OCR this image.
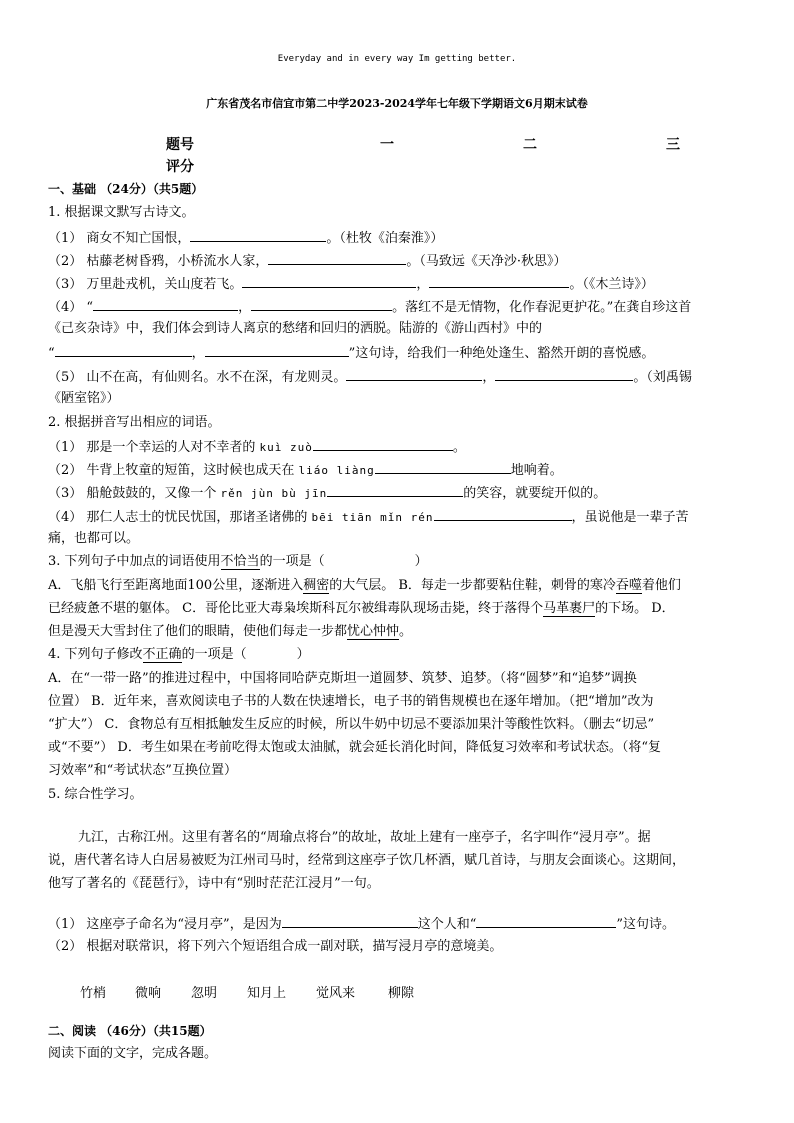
Everyday and in every way Im getting better.
广东省茂名市信宜市第二中学2023-2024学年七年级下学期语文6月期末试卷
题号	一	二	三
评分
一、基础 （24分）（共5题）
1. 根据课文默写古诗文。
（1） 商女不知亡国恨，	。（杜牧《泊秦淮》）
（2） 枯藤老树昏鸦，小桥流水人家，	。（马致远《天净沙·秋思》）
（3） 万里赴戎机，关山度若飞。	，	。（《木兰诗》）
（4） “	，	。落红不是无情物，化作春泥更护花。”在龚自珍这首
《己亥杂诗》中，我们体会到诗人离京的愁绪和回归的洒脱。陆游的《游山西村》中的
“	，	”这句诗，给我们一种绝处逢生、豁然开朗的喜悦感。
（5） 山不在高，有仙则名。水不在深，有龙则灵。	，	。（刘禹锡
《陋室铭》）
2. 根据拼音写出相应的词语。
（1） 那是一个幸运的人对不幸者的 kuì zuò	。
（2） 牛背上牧童的短笛，这时候也成天在 liáo liàng	地响着。
（3） 船舱鼓鼓的，又像一个 rěn jùn bù jīn	的笑容，就要绽开似的。
（4） 那仁人志士的忧民忧国，那诸圣诸佛的 bēi tiān mǐn rén	，虽说他是一辈子苦
痛，也都可以。
3. 下列句子中加点的词语使用不恰当的一项是（	）
A．飞船飞行至距离地面100公里，逐渐进入稠密的大气层。 B．每走一步都要粘住鞋，刺骨的寒冷吞噬着他们
已经疲惫不堪的躯体。 C．哥伦比亚大毒枭埃斯科瓦尔被缉毒队现场击毙，终于落得个马革裹尸的下场。 D．
但是漫天大雪封住了他们的眼睛，使他们每走一步都忧心忡忡。
4. 下列句子修改不正确的一项是（	）
A．在“一带一路”的推进过程中，中国将同哈萨克斯坦一道圆梦、筑梦、追梦。（将“圆梦”和“追梦”调换
位置） B．近年来，喜欢阅读电子书的人数在快速增长，电子书的销售规模也在逐年增加。（把“增加”改为
“扩大”） C．食物总有互相抵触发生反应的时候，所以牛奶中切忌不要添加果汁等酸性饮料。（删去“切忌”
或“不要”） D．考生如果在考前吃得太饱或太油腻，就会延长消化时间，降低复习效率和考试状态。（将“复
习效率”和“考试状态”互换位置）
5. 综合性学习。
九江，古称江州。这里有著名的“周瑜点将台”的故址，故址上建有一座亭子，名字叫作“浸月亭”。据
说，唐代著名诗人白居易被贬为江州司马时，经常到这座亭子饮几杯酒，赋几首诗，与朋友会面谈心。这期间，
他写了著名的《琵琶行》，诗中有“别时茫茫江浸月”一句。
（1） 这座亭子命名为“浸月亭”，是因为	这个人和“	”这句诗。
（2） 根据对联常识，将下列六个短语组合成一副对联，描写浸月亭的意境美。
竹梢 微响 忽明 知月上 觉风来	柳隙
二、阅读 （46分）（共15题）
阅读下面的文字，完成各题。
